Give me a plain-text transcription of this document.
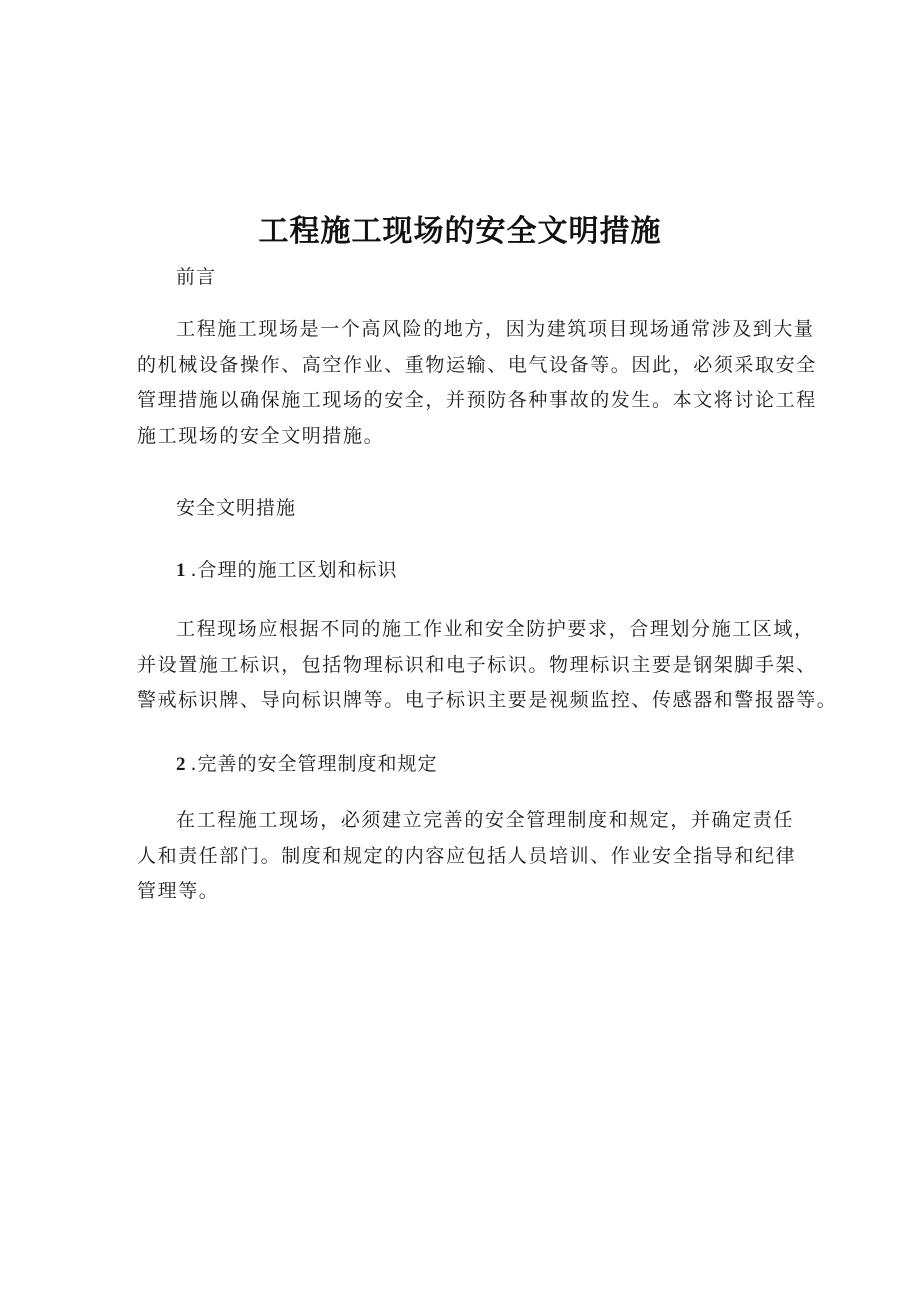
工程施工现场的安全文明措施
前言
工程施工现场是一个高风险的地方，因为建筑项目现场通常涉及到大量
的机械设备操作、高空作业、重物运输、电气设备等。因此，必须采取安全
管理措施以确保施工现场的安全，并预防各种事故的发生。本文将讨论工程
施工现场的安全文明措施。
安全文明措施
1 .合理的施工区划和标识
工程现场应根据不同的施工作业和安全防护要求，合理划分施工区域，
并设置施工标识，包括物理标识和电子标识。物理标识主要是钢架脚手架、
警戒标识牌、导向标识牌等。电子标识主要是视频监控、传感器和警报器等。
2 .完善的安全管理制度和规定
在工程施工现场，必须建立完善的安全管理制度和规定，并确定责任
人和责任部门。制度和规定的内容应包括人员培训、作业安全指导和纪律
管理等。
